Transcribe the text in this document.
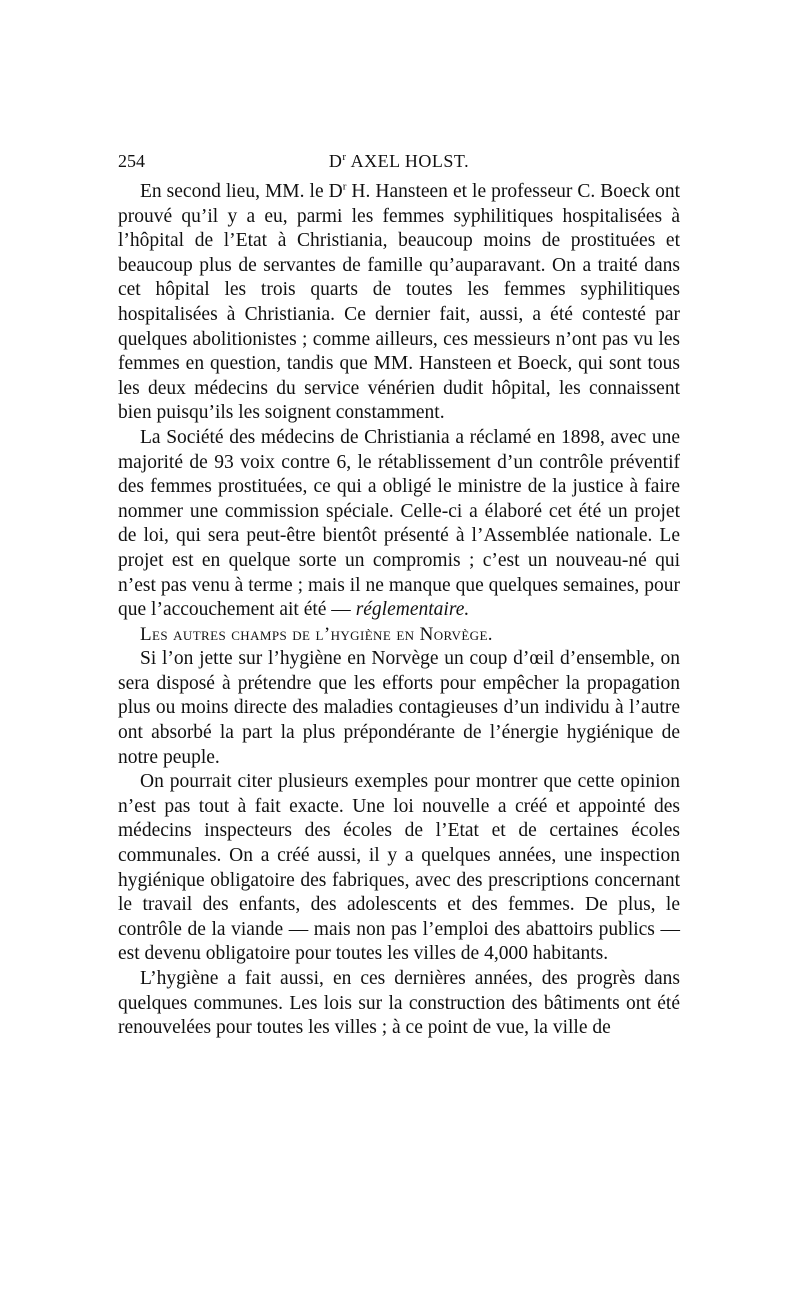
254	$D^r$ AXEL HOLST.

En second lieu, MM. le $D^r$ H. Hansteen et le professeur C. Boeck ont prouvé qu’il y a eu, parmi les femmes syphilitiques hospitalisées à l’hôpital de l’Etat à Christiania, beaucoup moins de prostituées et beaucoup plus de servantes de famille qu’auparavant. On a traité dans cet hôpital les trois quarts de toutes les femmes syphilitiques hospitalisées à Christiania. Ce dernier fait, aussi, a été contesté par quelques abolitionistes ; comme ailleurs, ces messieurs n’ont pas vu les femmes en question, tandis que MM. Hansteen et Boeck, qui sont tous les deux médecins du service vénérien dudit hôpital, les connaissent bien puisqu’ils les soignent constamment.

La Société des médecins de Christiania a réclamé en 1898, avec une majorité de 93 voix contre 6, le rétablissement d’un contrôle préventif des femmes prostituées, ce qui a obligé le ministre de la justice à faire nommer une commission spéciale. Celle-ci a élaboré cet été un projet de loi, qui sera peut-être bientôt présenté à l’Assemblée nationale. Le projet est en quelque sorte un compromis ; c’est un nouveau-né qui n’est pas venu à terme ; mais il ne manque que quelques semaines, pour que l’accouchement ait été — réglementaire.

Les autres champs de l’hygiène en Norvège.

Si l’on jette sur l’hygiène en Norvège un coup d’œil d’ensemble, on sera disposé à prétendre que les efforts pour empêcher la propagation plus ou moins directe des maladies contagieuses d’un individu à l’autre ont absorbé la part la plus prépondérante de l’énergie hygiénique de notre peuple.

On pourrait citer plusieurs exemples pour montrer que cette opinion n’est pas tout à fait exacte. Une loi nouvelle a créé et appointé des médecins inspecteurs des écoles de l’Etat et de certaines écoles communales. On a créé aussi, il y a quelques années, une inspection hygiénique obligatoire des fabriques, avec des prescriptions concernant le travail des enfants, des adolescents et des femmes. De plus, le contrôle de la viande — mais non pas l’emploi des abattoirs publics — est devenu obligatoire pour toutes les villes de 4,000 habitants.

L’hygiène a fait aussi, en ces dernières années, des progrès dans quelques communes. Les lois sur la construction des bâtiments ont été renouvelées pour toutes les villes ; à ce point de vue, la ville de
